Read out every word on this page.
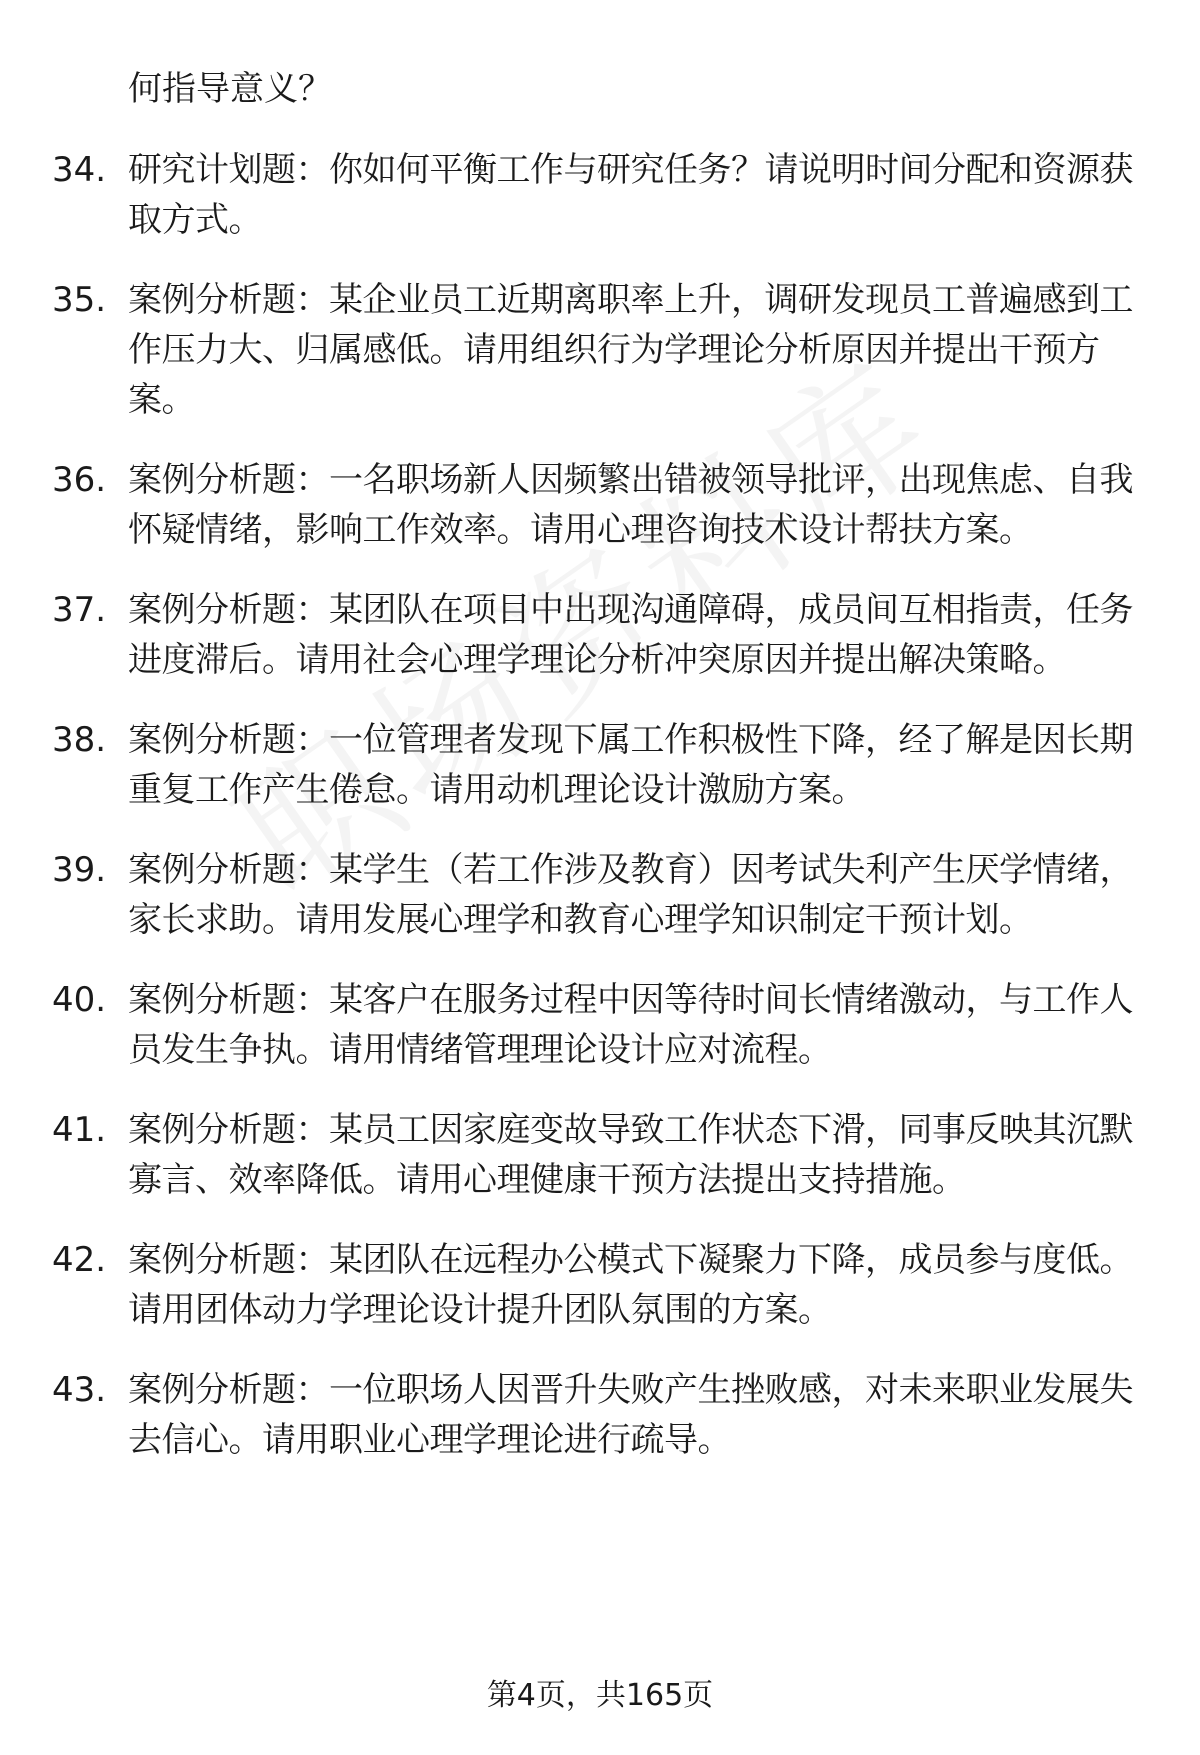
何指导意义？

34. 研究计划题：你如何平衡工作与研究任务？请说明时间分配和资源获取方式。
35. 案例分析题：某企业员工近期离职率上升，调研发现员工普遍感到工作压力大、归属感低。请用组织行为学理论分析原因并提出干预方案。
36. 案例分析题：一名职场新人因频繁出错被领导批评，出现焦虑、自我怀疑情绪，影响工作效率。请用心理咨询技术设计帮扶方案。
37. 案例分析题：某团队在项目中出现沟通障碍，成员间互相指责，任务进度滞后。请用社会心理学理论分析冲突原因并提出解决策略。
38. 案例分析题：一位管理者发现下属工作积极性下降，经了解是因长期重复工作产生倦怠。请用动机理论设计激励方案。
39. 案例分析题：某学生（若工作涉及教育）因考试失利产生厌学情绪，家长求助。请用发展心理学和教育心理学知识制定干预计划。
40. 案例分析题：某客户在服务过程中因等待时间长情绪激动，与工作人员发生争执。请用情绪管理理论设计应对流程。
41. 案例分析题：某员工因家庭变故导致工作状态下滑，同事反映其沉默寡言、效率降低。请用心理健康干预方法提出支持措施。
42. 案例分析题：某团队在远程办公模式下凝聚力下降，成员参与度低。请用团体动力学理论设计提升团队氛围的方案。
43. 案例分析题：一位职场人因晋升失败产生挫败感，对未来职业发展失去信心。请用职业心理学理论进行疏导。
第4页，共165页
